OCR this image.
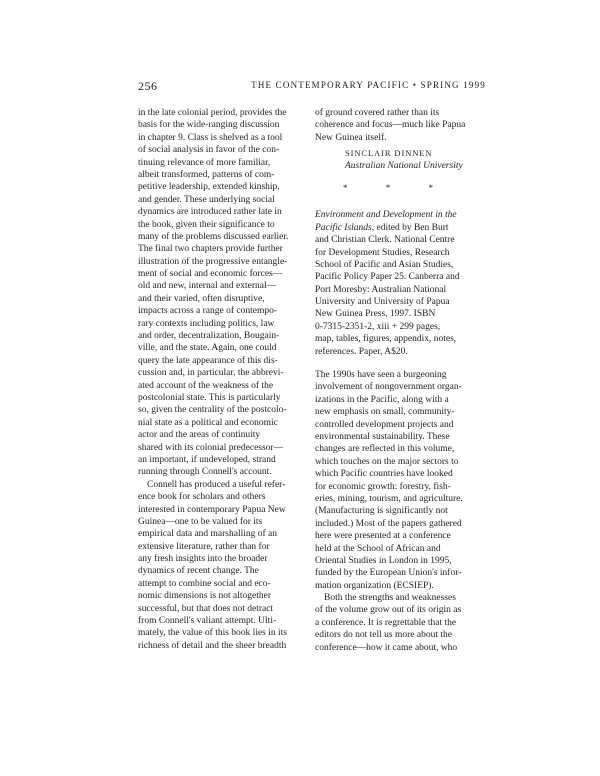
256	THE CONTEMPORARY PACIFIC • SPRING 1999
in the late colonial period, provides the
basis for the wide-ranging discussion
in chapter 9. Class is shelved as a tool
of social analysis in favor of the con-
tinuing relevance of more familiar,
albeit transformed, patterns of com-
petitive leadership, extended kinship,
and gender. These underlying social
dynamics are introduced rather late in
the book, given their significance to
many of the problems discussed earlier.
The final two chapters provide further
illustration of the progressive entangle-
ment of social and economic forces—
old and new, internal and external—
and their varied, often disruptive,
impacts across a range of contempo-
rary contexts including politics, law
and order, decentralization, Bougain-
ville, and the state. Again, one could
query the late appearance of this dis-
cussion and, in particular, the abbrevi-
ated account of the weakness of the
postcolonial state. This is particularly
so, given the centrality of the postcolo-
nial state as a political and economic
actor and the areas of continuity
shared with its colonial predecessor—
an important, if undeveloped, strand
running through Connell's account.
Connell has produced a useful refer-
ence book for scholars and others
interested in contemporary Papua New
Guinea—one to be valued for its
empirical data and marshalling of an
extensive literature, rather than for
any fresh insights into the broader
dynamics of recent change. The
attempt to combine social and eco-
nomic dimensions is not altogether
successful, but that does not detract
from Connell's valiant attempt. Ulti-
mately, the value of this book lies in its
richness of detail and the sheer breadth
of ground covered rather than its
coherence and focus—much like Papua
New Guinea itself.
SINCLAIR DINNEN
Australian National University
* * *
Environment and Development in the
Pacific Islands, edited by Ben Burt
and Christian Clerk. National Centre
for Development Studies, Research
School of Pacific and Asian Studies,
Pacific Policy Paper 25. Canberra and
Port Moresby: Australian National
University and University of Papua
New Guinea Press, 1997. ISBN
0-7315-2351-2, xiii + 299 pages,
map, tables, figures, appendix, notes,
references. Paper, A$20.
The 1990s have seen a burgeoning
involvement of nongovernment organ-
izations in the Pacific, along with a
new emphasis on small, community-
controlled development projects and
environmental sustainability. These
changes are reflected in this volume,
which touches on the major sectors to
which Pacific countries have looked
for economic growth: forestry, fish-
eries, mining, tourism, and agriculture.
(Manufacturing is significantly not
included.) Most of the papers gathered
here were presented at a conference
held at the School of African and
Oriental Studies in London in 1995,
funded by the European Union's infor-
mation organization (ECSIEP).
Both the strengths and weaknesses
of the volume grow out of its origin as
a conference. It is regrettable that the
editors do not tell us more about the
conference—how it came about, who
